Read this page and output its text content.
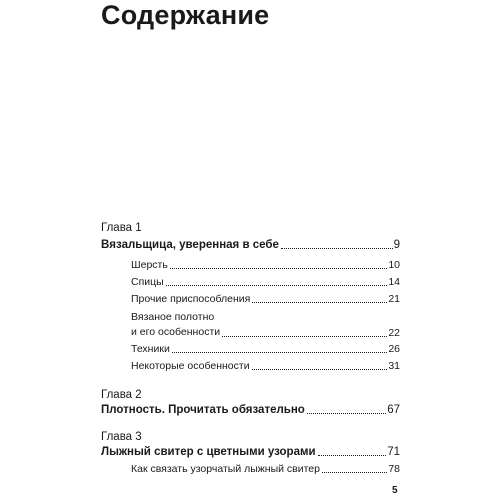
Содержание
Глава 1
Вязальщица, уверенная в себе	9
Шерсть	10
Спицы	14
Прочие приспособления	21
Вязаное полотно
и его особенности	22
Техники	26
Некоторые особенности	31
Глава 2
Плотность. Прочитать обязательно	67
Глава 3
Лыжный свитер с цветными узорами	71
Как связать узорчатый лыжный свитер	78
5
